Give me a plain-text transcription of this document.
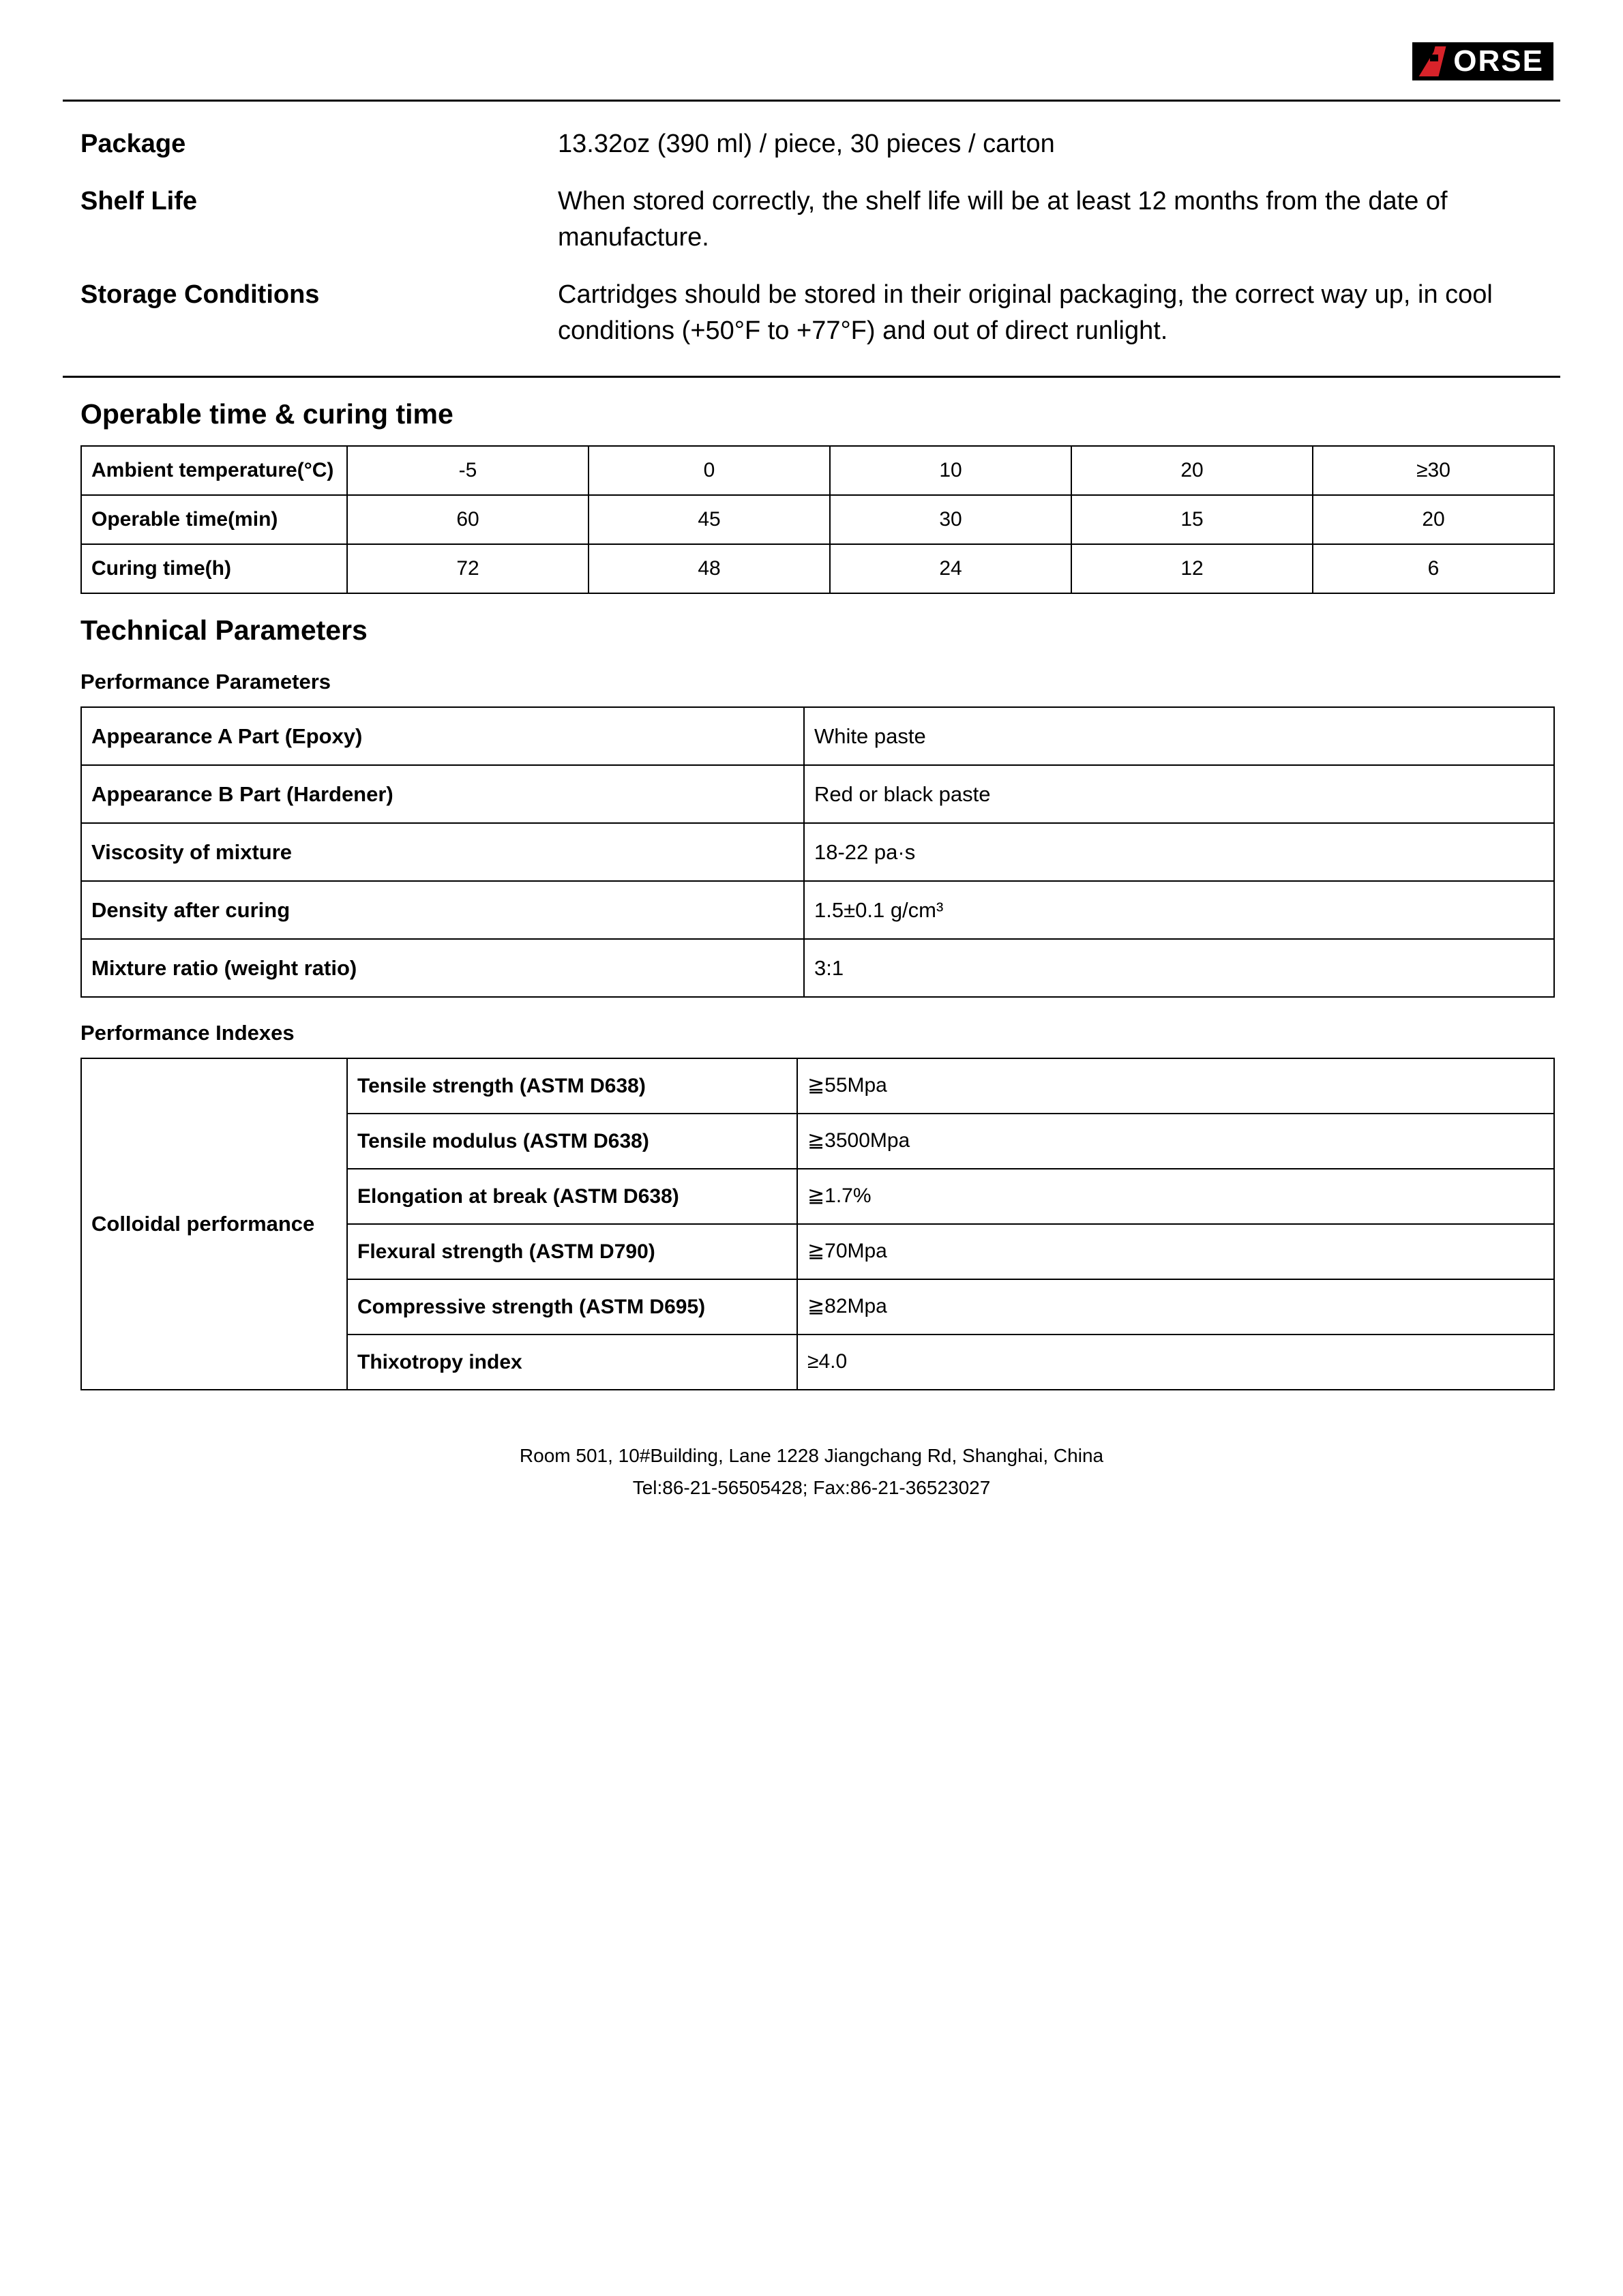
ORSE
Package	13.32oz (390 ml) / piece, 30 pieces / carton
Shelf Life	When stored correctly, the shelf life will be at least 12 months from the date of manufacture.
Storage Conditions	Cartridges should be stored in their original packaging, the correct way up, in cool conditions (+50°F to +77°F) and out of direct runlight.
Operable time & curing time
Ambient temperature(°C)	-5	0	10	20	≥30
Operable time(min)	60	45	30	15	20
Curing time(h)	72	48	24	12	6
Technical Parameters
Performance Parameters
Appearance A Part (Epoxy)	White paste
Appearance B Part (Hardener)	Red or black paste
Viscosity of mixture	18-22 pa·s
Density after curing	1.5±0.1 g/cm³
Mixture ratio (weight ratio)	3:1
Performance Indexes
Colloidal performance	Tensile strength (ASTM D638)	≧55Mpa
	Tensile modulus (ASTM D638)	≧3500Mpa
	Elongation at break (ASTM D638)	≧1.7%
	Flexural strength (ASTM D790)	≧70Mpa
	Compressive strength (ASTM D695)	≧82Mpa
	Thixotropy index	≥4.0
Room 501, 10#Building, Lane 1228 Jiangchang Rd, Shanghai, China
Tel:86-21-56505428; Fax:86-21-36523027
